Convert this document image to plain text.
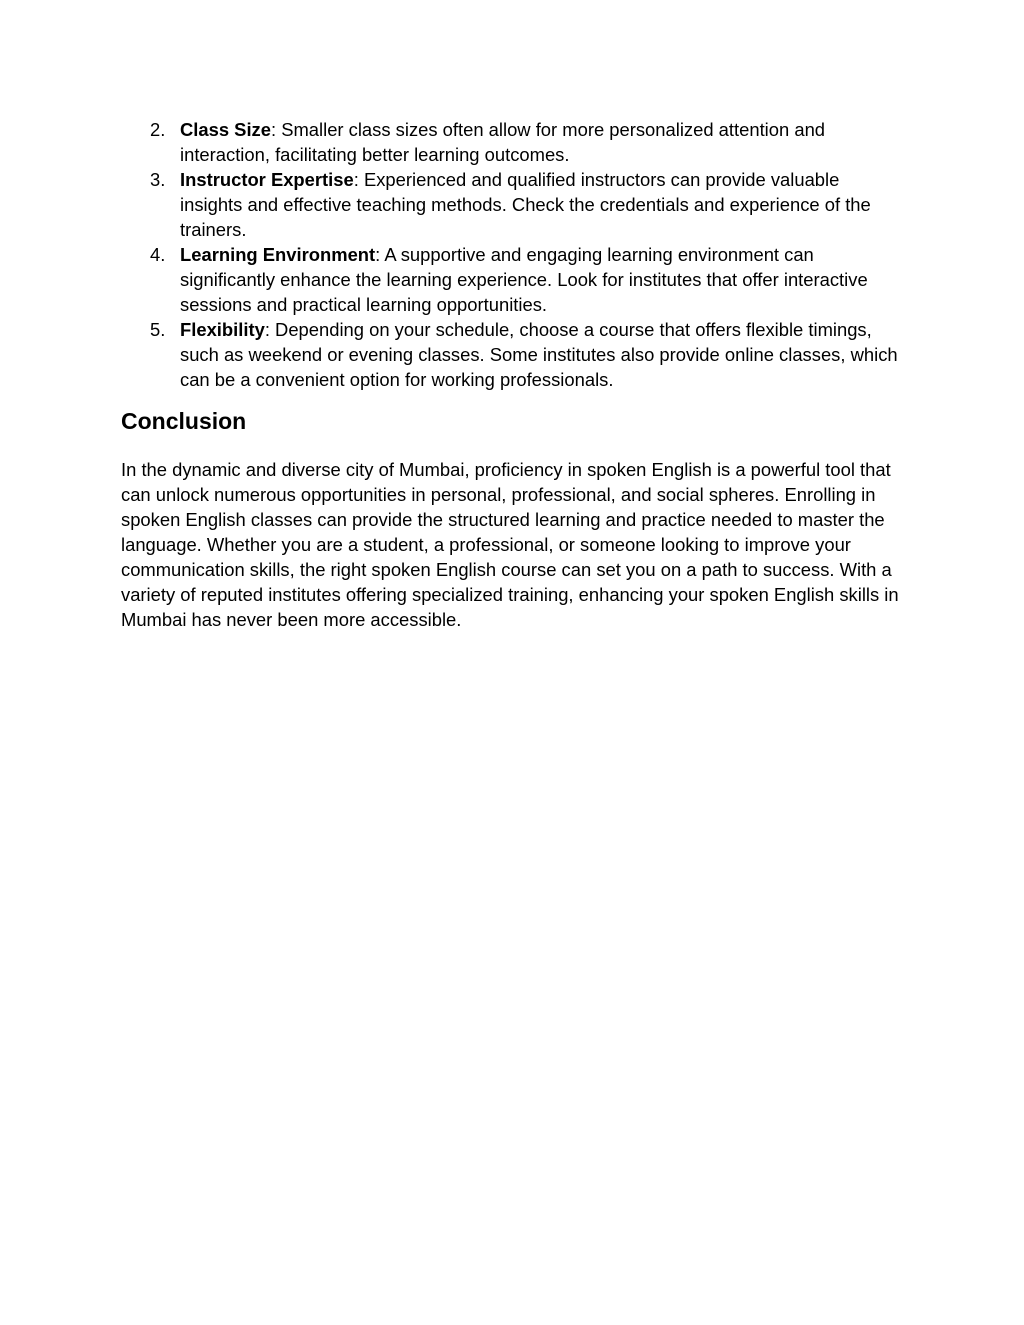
2. Class Size: Smaller class sizes often allow for more personalized attention and interaction, facilitating better learning outcomes.
3. Instructor Expertise: Experienced and qualified instructors can provide valuable insights and effective teaching methods. Check the credentials and experience of the trainers.
4. Learning Environment: A supportive and engaging learning environment can significantly enhance the learning experience. Look for institutes that offer interactive sessions and practical learning opportunities.
5. Flexibility: Depending on your schedule, choose a course that offers flexible timings, such as weekend or evening classes. Some institutes also provide online classes, which can be a convenient option for working professionals.
Conclusion

In the dynamic and diverse city of Mumbai, proficiency in spoken English is a powerful tool that can unlock numerous opportunities in personal, professional, and social spheres. Enrolling in spoken English classes can provide the structured learning and practice needed to master the language. Whether you are a student, a professional, or someone looking to improve your communication skills, the right spoken English course can set you on a path to success. With a variety of reputed institutes offering specialized training, enhancing your spoken English skills in Mumbai has never been more accessible.
